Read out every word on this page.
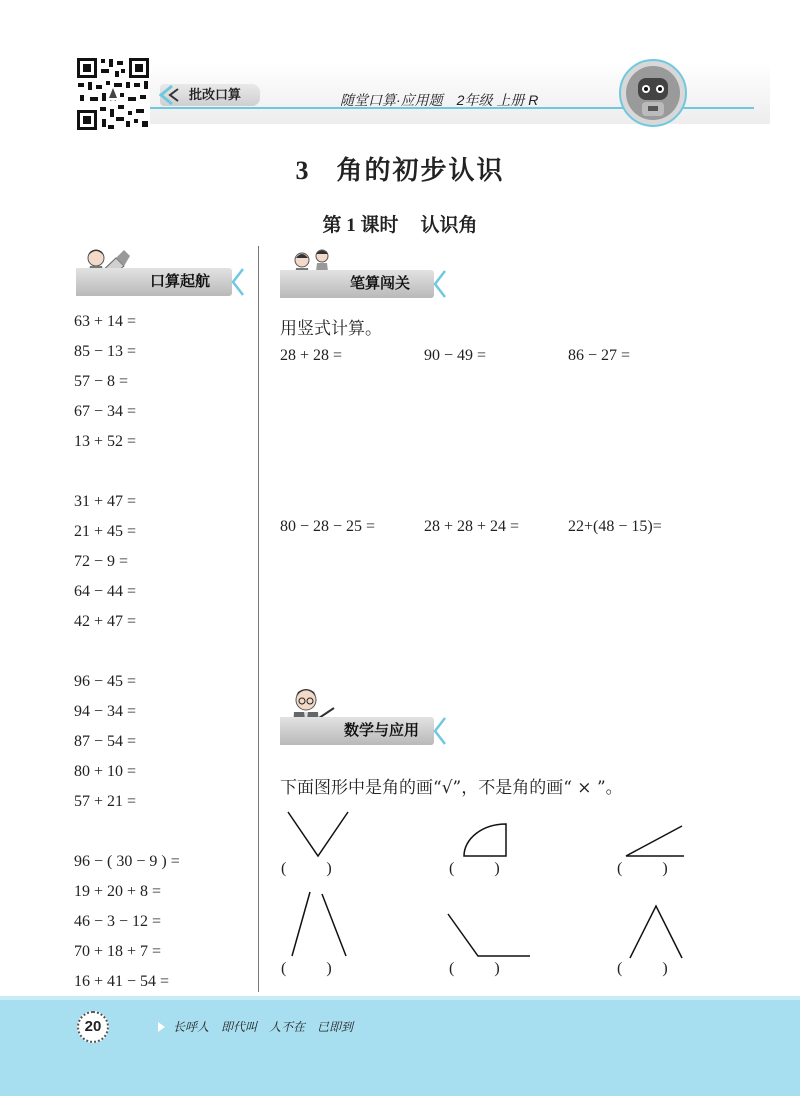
批改口算	随堂口算·应用题　2年级 上册 R
3 角的初步认识
第 1 课时 认识角
口算起航
63 + 14 =
85 − 13 =
57 − 8 =
67 − 34 =
13 + 52 =
31 + 47 =
21 + 45 =
72 − 9 =
64 − 44 =
42 + 47 =
96 − 45 =
94 − 34 =
87 − 54 =
80 + 10 =
57 + 21 =
96 − ( 30 − 9 ) =
19 + 20 + 8 =
46 − 3 − 12 =
70 + 18 + 7 =
16 + 41 − 54 =
笔算闯关
用竖式计算。
28 + 28 =	90 − 49 =	86 − 27 =
80 − 28 − 25 =	28 + 28 + 24 =	22+(48 − 15)=
数学与应用
下面图形中是角的画“√”，不是角的画“ × ”。
(          )	(          )	(          )
(          )	(          )	(          )
20	长呼人　即代叫　人不在　已即到
